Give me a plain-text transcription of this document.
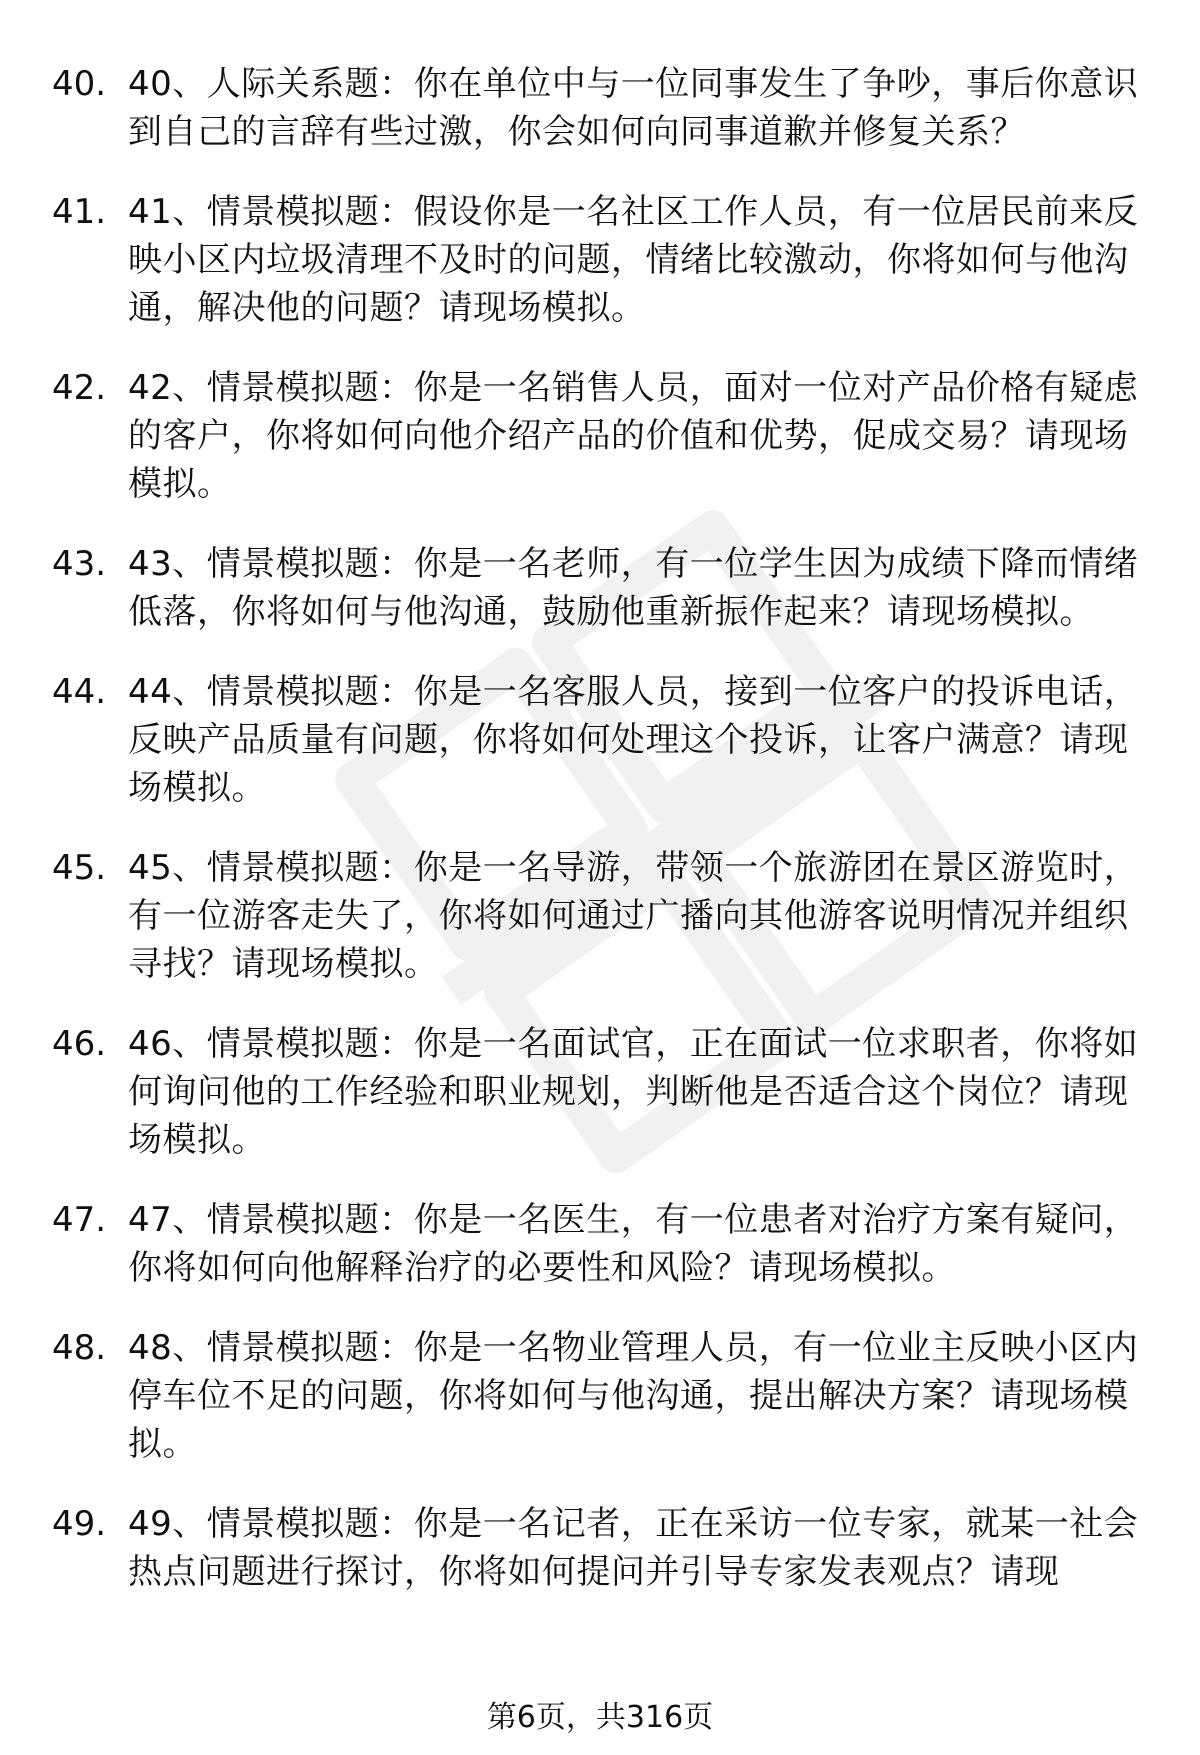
40. 40、人际关系题：你在单位中与一位同事发生了争吵，事后你意识到自己的言辞有些过激，你会如何向同事道歉并修复关系？
41. 41、情景模拟题：假设你是一名社区工作人员，有一位居民前来反映小区内垃圾清理不及时的问题，情绪比较激动，你将如何与他沟通，解决他的问题？请现场模拟。
42. 42、情景模拟题：你是一名销售人员，面对一位对产品价格有疑虑的客户，你将如何向他介绍产品的价值和优势，促成交易？请现场模拟。
43. 43、情景模拟题：你是一名老师，有一位学生因为成绩下降而情绪低落，你将如何与他沟通，鼓励他重新振作起来？请现场模拟。
44. 44、情景模拟题：你是一名客服人员，接到一位客户的投诉电话，反映产品质量有问题，你将如何处理这个投诉，让客户满意？请现场模拟。
45. 45、情景模拟题：你是一名导游，带领一个旅游团在景区游览时，有一位游客走失了，你将如何通过广播向其他游客说明情况并组织寻找？请现场模拟。
46. 46、情景模拟题：你是一名面试官，正在面试一位求职者，你将如何询问他的工作经验和职业规划，判断他是否适合这个岗位？请现场模拟。
47. 47、情景模拟题：你是一名医生，有一位患者对治疗方案有疑问，你将如何向他解释治疗的必要性和风险？请现场模拟。
48. 48、情景模拟题：你是一名物业管理人员，有一位业主反映小区内停车位不足的问题，你将如何与他沟通，提出解决方案？请现场模拟。
49. 49、情景模拟题：你是一名记者，正在采访一位专家，就某一社会热点问题进行探讨，你将如何提问并引导专家发表观点？请现
第6页，共316页
